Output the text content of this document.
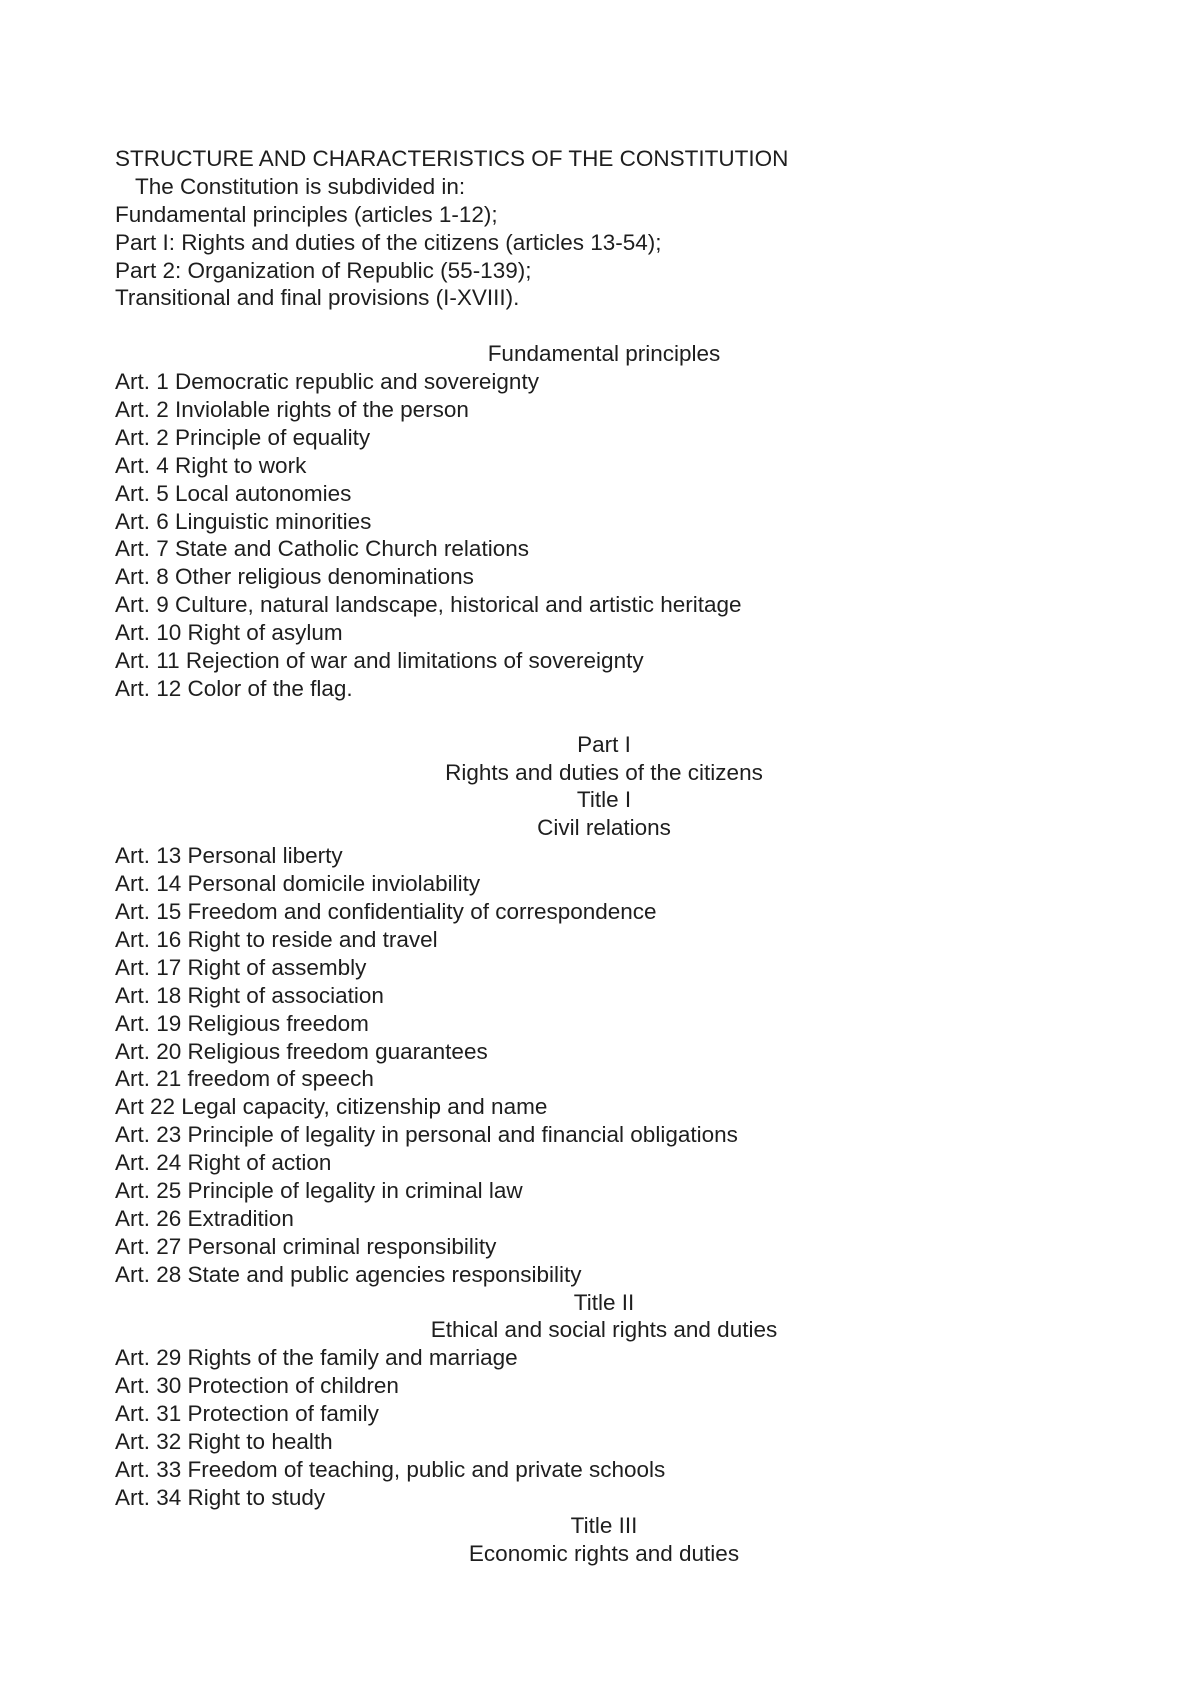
STRUCTURE AND CHARACTERISTICS OF THE CONSTITUTION
The Constitution is subdivided in:
Fundamental principles (articles 1-12);
Part I: Rights and duties of the citizens (articles 13-54);
Part 2: Organization of Republic (55-139);
Transitional and final provisions (I-XVIII).
Fundamental principles
Art. 1 Democratic republic and sovereignty
Art. 2 Inviolable rights of the person
Art. 2 Principle of equality
Art. 4 Right to work
Art. 5 Local autonomies
Art. 6 Linguistic minorities
Art. 7 State and Catholic Church relations
Art. 8 Other religious denominations
Art. 9 Culture, natural landscape, historical and artistic heritage
Art. 10 Right of asylum
Art. 11 Rejection of war and limitations of sovereignty
Art. 12 Color of the flag.
Part I
Rights and duties of the citizens
Title I
Civil relations
Art. 13 Personal liberty
Art. 14 Personal domicile inviolability
Art. 15 Freedom and confidentiality of correspondence
Art. 16 Right to reside and travel
Art. 17 Right of assembly
Art. 18 Right of association
Art. 19 Religious freedom
Art. 20 Religious freedom guarantees
Art. 21 freedom of speech
Art 22 Legal capacity, citizenship and name
Art. 23 Principle of legality in personal and financial obligations
Art. 24 Right of action
Art. 25 Principle of legality in criminal law
Art. 26 Extradition
Art. 27 Personal criminal responsibility
Art. 28 State and public agencies responsibility
Title II
Ethical and social rights and duties
Art. 29 Rights of the family and marriage
Art. 30 Protection of children
Art. 31 Protection of family
Art. 32 Right to health
Art. 33 Freedom of teaching, public and private schools
Art. 34 Right to study
Title III
Economic rights and duties
